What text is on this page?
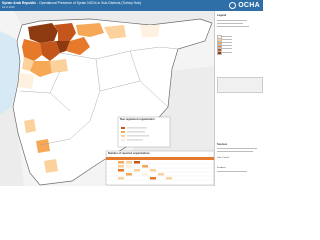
Syrian Arab Republic - Operational Presence of Syrian NGOs in Sub-Districts (Turkey Hub)
As of 2016	OCHA
Non-registered organization
Number of reported organizations
Legend
Sources
Date Created
Feedback
